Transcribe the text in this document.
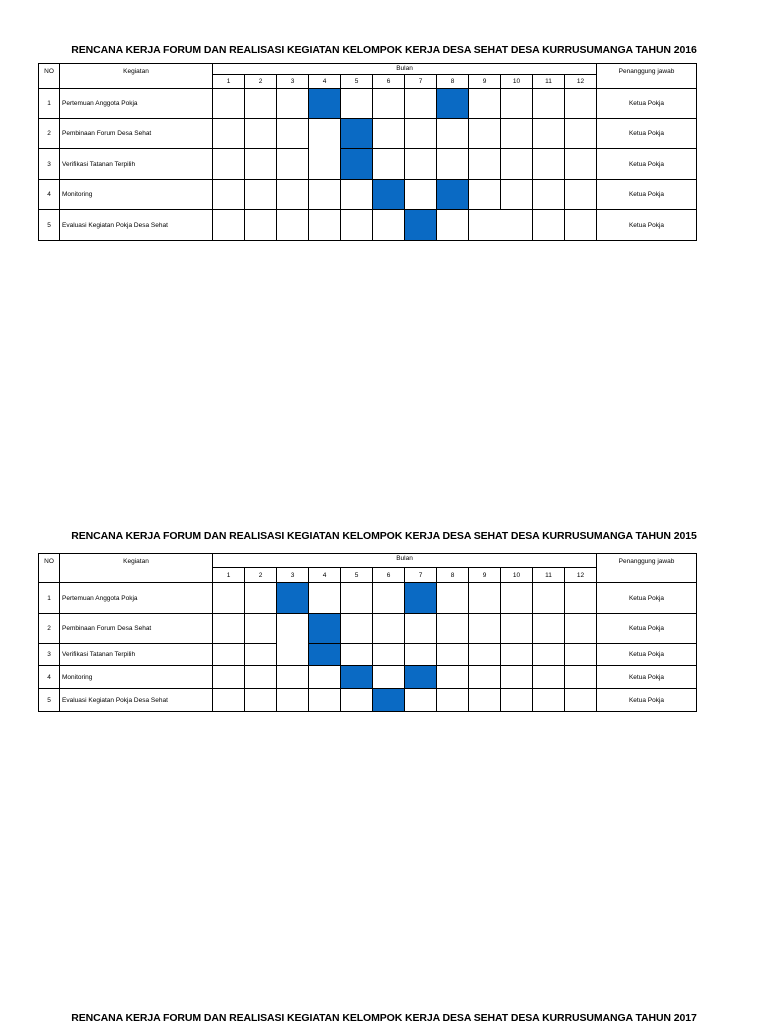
RENCANA KERJA FORUM DAN REALISASI KEGIATAN KELOMPOK KERJA DESA SEHAT DESA KURRUSUMANGA TAHUN 2016
NO	Kegiatan	Bulan												Penanggung jawab
		1	2	3	4	5	6	7	8	9	10	11	12	
1	Pertemuan Anggota Pokja													Ketua Pokja
2	Pembinaan Forum Desa Sehat													Ketua Pokja
3	Verifikasi Tatanan Terpilih													Ketua Pokja
4	Monitoring													Ketua Pokja
5	Evaluasi Kegiatan Pokja Desa Sehat													Ketua Pokja
RENCANA KERJA FORUM DAN REALISASI KEGIATAN KELOMPOK KERJA DESA SEHAT DESA KURRUSUMANGA TAHUN 2015
NO	Kegiatan	Bulan												Penanggung jawab
		1	2	3	4	5	6	7	8	9	10	11	12	
1	Pertemuan Anggota Pokja													Ketua Pokja
2	Pembinaan Forum Desa Sehat													Ketua Pokja
3	Verifikasi Tatanan Terpilih													Ketua Pokja
4	Monitoring													Ketua Pokja
5	Evaluasi Kegiatan Pokja Desa Sehat													Ketua Pokja
RENCANA KERJA FORUM DAN REALISASI KEGIATAN KELOMPOK KERJA DESA SEHAT DESA KURRUSUMANGA TAHUN 2017
